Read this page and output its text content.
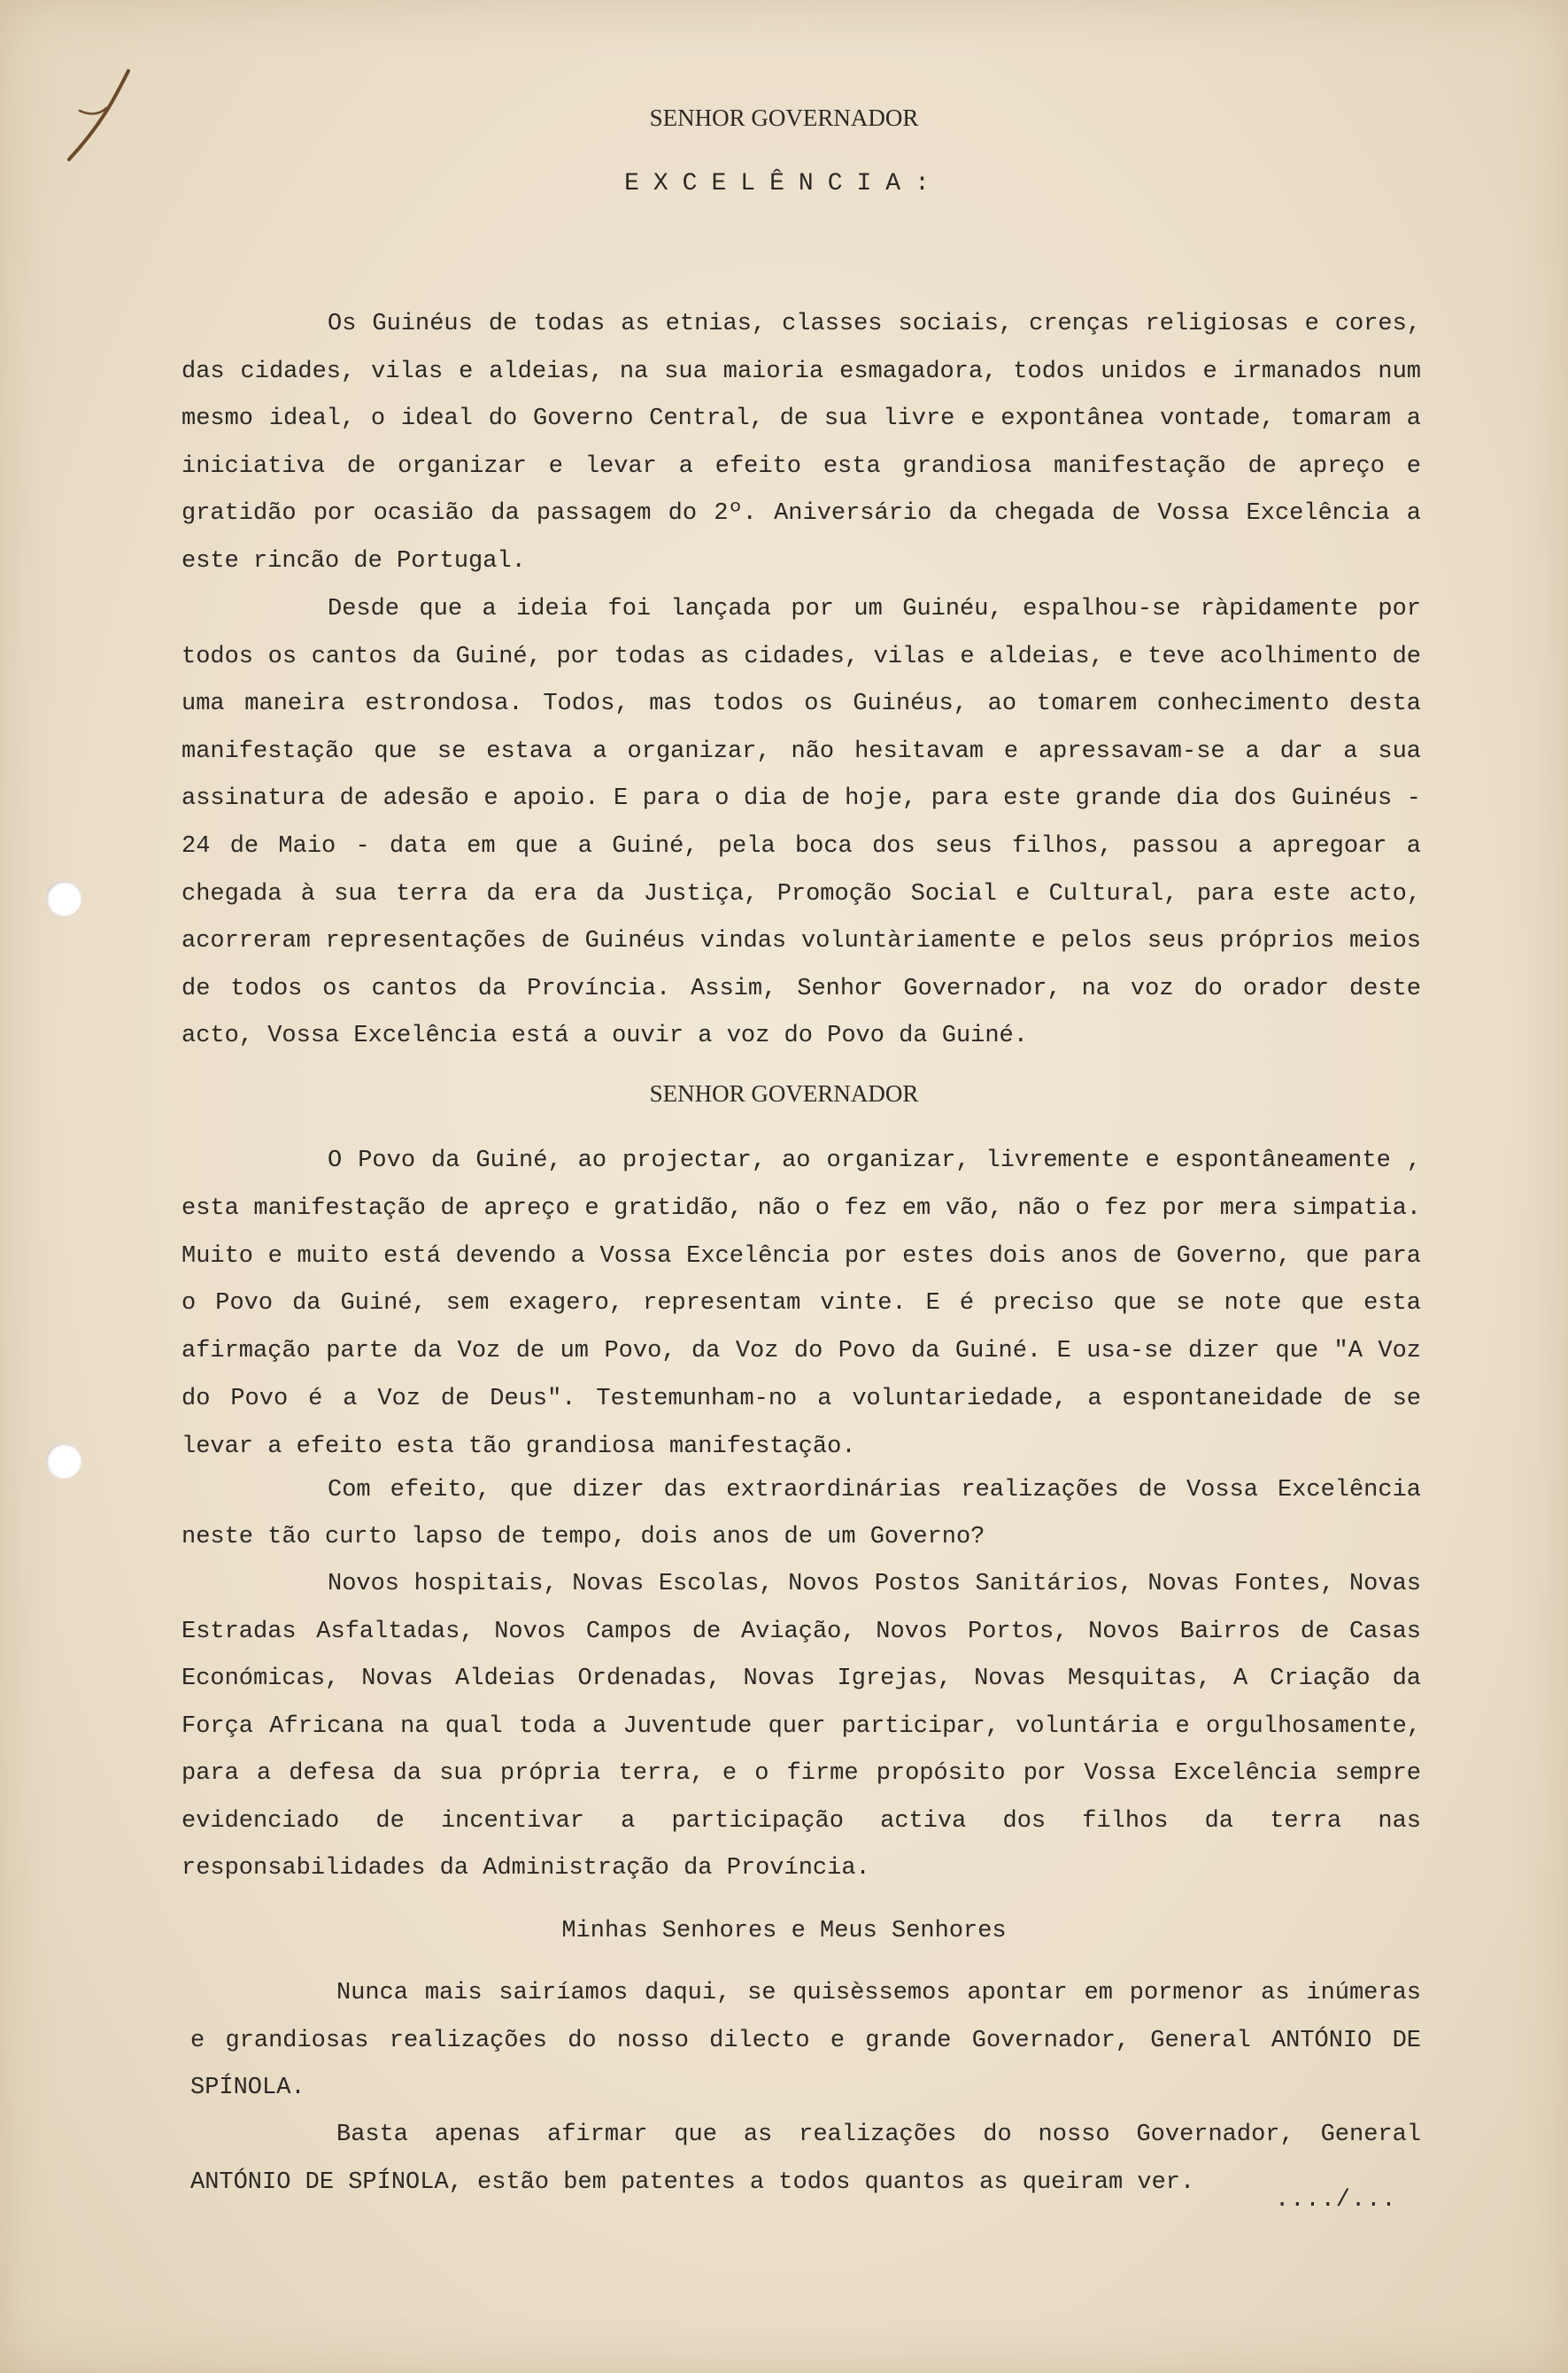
SENHOR GOVERNADOR
EXCELÊNCIA:

Os Guinéus de todas as etnias, classes sociais, crenças religiosas e cores, das cidades, vilas e aldeias, na sua maioria esmagadora, todos unidos e irmanados num mesmo ideal, o ideal do Governo Central, de sua livre e expontânea vontade, tomaram a iniciativa de organizar e levar a efeito esta grandiosa manifestação de apreço e gratidão por ocasião da passagem do 2º. Aniversário da chegada de Vossa Excelência a este rincão de Portugal.

Desde que a ideia foi lançada por um Guinéu, espalhou-se ràpidamente por todos os cantos da Guiné, por todas as cidades, vilas e aldeias, e teve acolhimento de uma maneira estrondosa. Todos, mas todos os Guinéus, ao tomarem conhecimento desta manifestação que se estava a organizar, não hesitavam e apressavam-se a dar a sua assinatura de adesão e apoio. E para o dia de hoje, para este grande dia dos Guinéus - 24 de Maio - data em que a Guiné, pela boca dos seus filhos, passou a apregoar a chegada à sua terra da era da Justiça, Promoção Social e Cultural, para este acto, acorreram representações de Guinéus vindas voluntàriamente e pelos seus próprios meios de todos os cantos da Província. Assim, Senhor Governador, na voz do orador deste acto, Vossa Excelência está a ouvir a voz do Povo da Guiné.

SENHOR GOVERNADOR

O Povo da Guiné, ao projectar, ao organizar, livremente e espontâneamente , esta manifestação de apreço e gratidão, não o fez em vão, não o fez por mera simpatia. Muito e muito está devendo a Vossa Excelência por estes dois anos de Governo, que para o Povo da Guiné, sem exagero, representam vinte. E é preciso que se note que esta afirmação parte da Voz de um Povo, da Voz do Povo da Guiné. E usa-se dizer que "A Voz do Povo é a Voz de Deus". Testemunham-no a voluntariedade, a espontaneidade de se levar a efeito esta tão grandiosa manifestação.

Com efeito, que dizer das extraordinárias realizações de Vossa Excelência neste tão curto lapso de tempo, dois anos de um Governo?

Novos hospitais, Novas Escolas, Novos Postos Sanitários, Novas Fontes, Novas Estradas Asfaltadas, Novos Campos de Aviação, Novos Portos, Novos Bairros de Casas Económicas, Novas Aldeias Ordenadas, Novas Igrejas, Novas Mesquitas, A Criação da Força Africana na qual toda a Juventude quer participar, voluntária e orgulhosamente, para a defesa da sua própria terra, e o firme propósito por Vossa Excelência sempre evidenciado de incentivar a participação activa dos filhos da terra nas responsabilidades da Administração da Província.

Minhas Senhores e Meus Senhores

Nunca mais sairíamos daqui, se quisèssemos apontar em pormenor as inúmeras e grandiosas realizações do nosso dilecto e grande Governador, General ANTÓNIO DE SPÍNOLA.

Basta apenas afirmar que as realizações do nosso Governador, General ANTÓNIO DE SPÍNOLA, estão bem patentes a todos quantos as queiram ver.

..../...
